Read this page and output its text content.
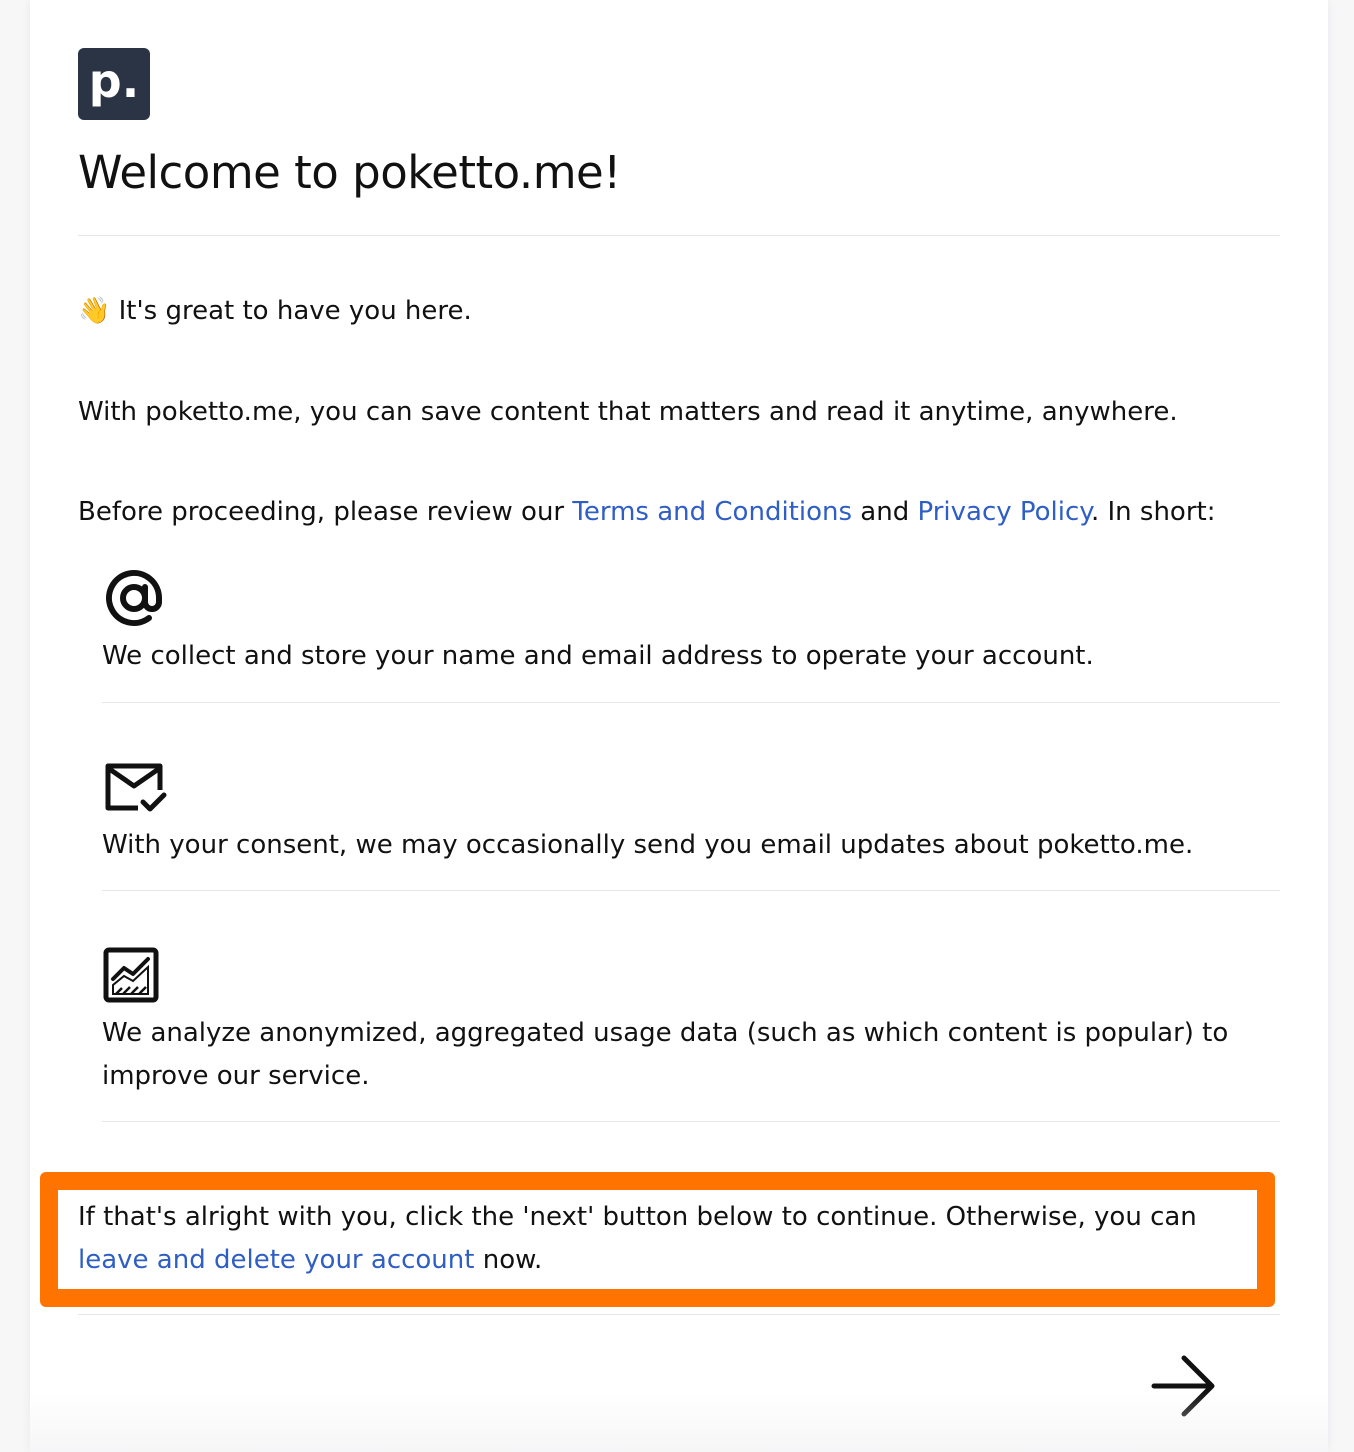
p.
Welcome to poketto.me!

👋 It's great to have you here.

With poketto.me, you can save content that matters and read it anytime, anywhere.

Before proceeding, please review our Terms and Conditions and Privacy Policy. In short:

We collect and store your name and email address to operate your account.

With your consent, we may occasionally send you email updates about poketto.me.

We analyze anonymized, aggregated usage data (such as which content is popular) to improve our service.

If that's alright with you, click the 'next' button below to continue. Otherwise, you can leave and delete your account now.
